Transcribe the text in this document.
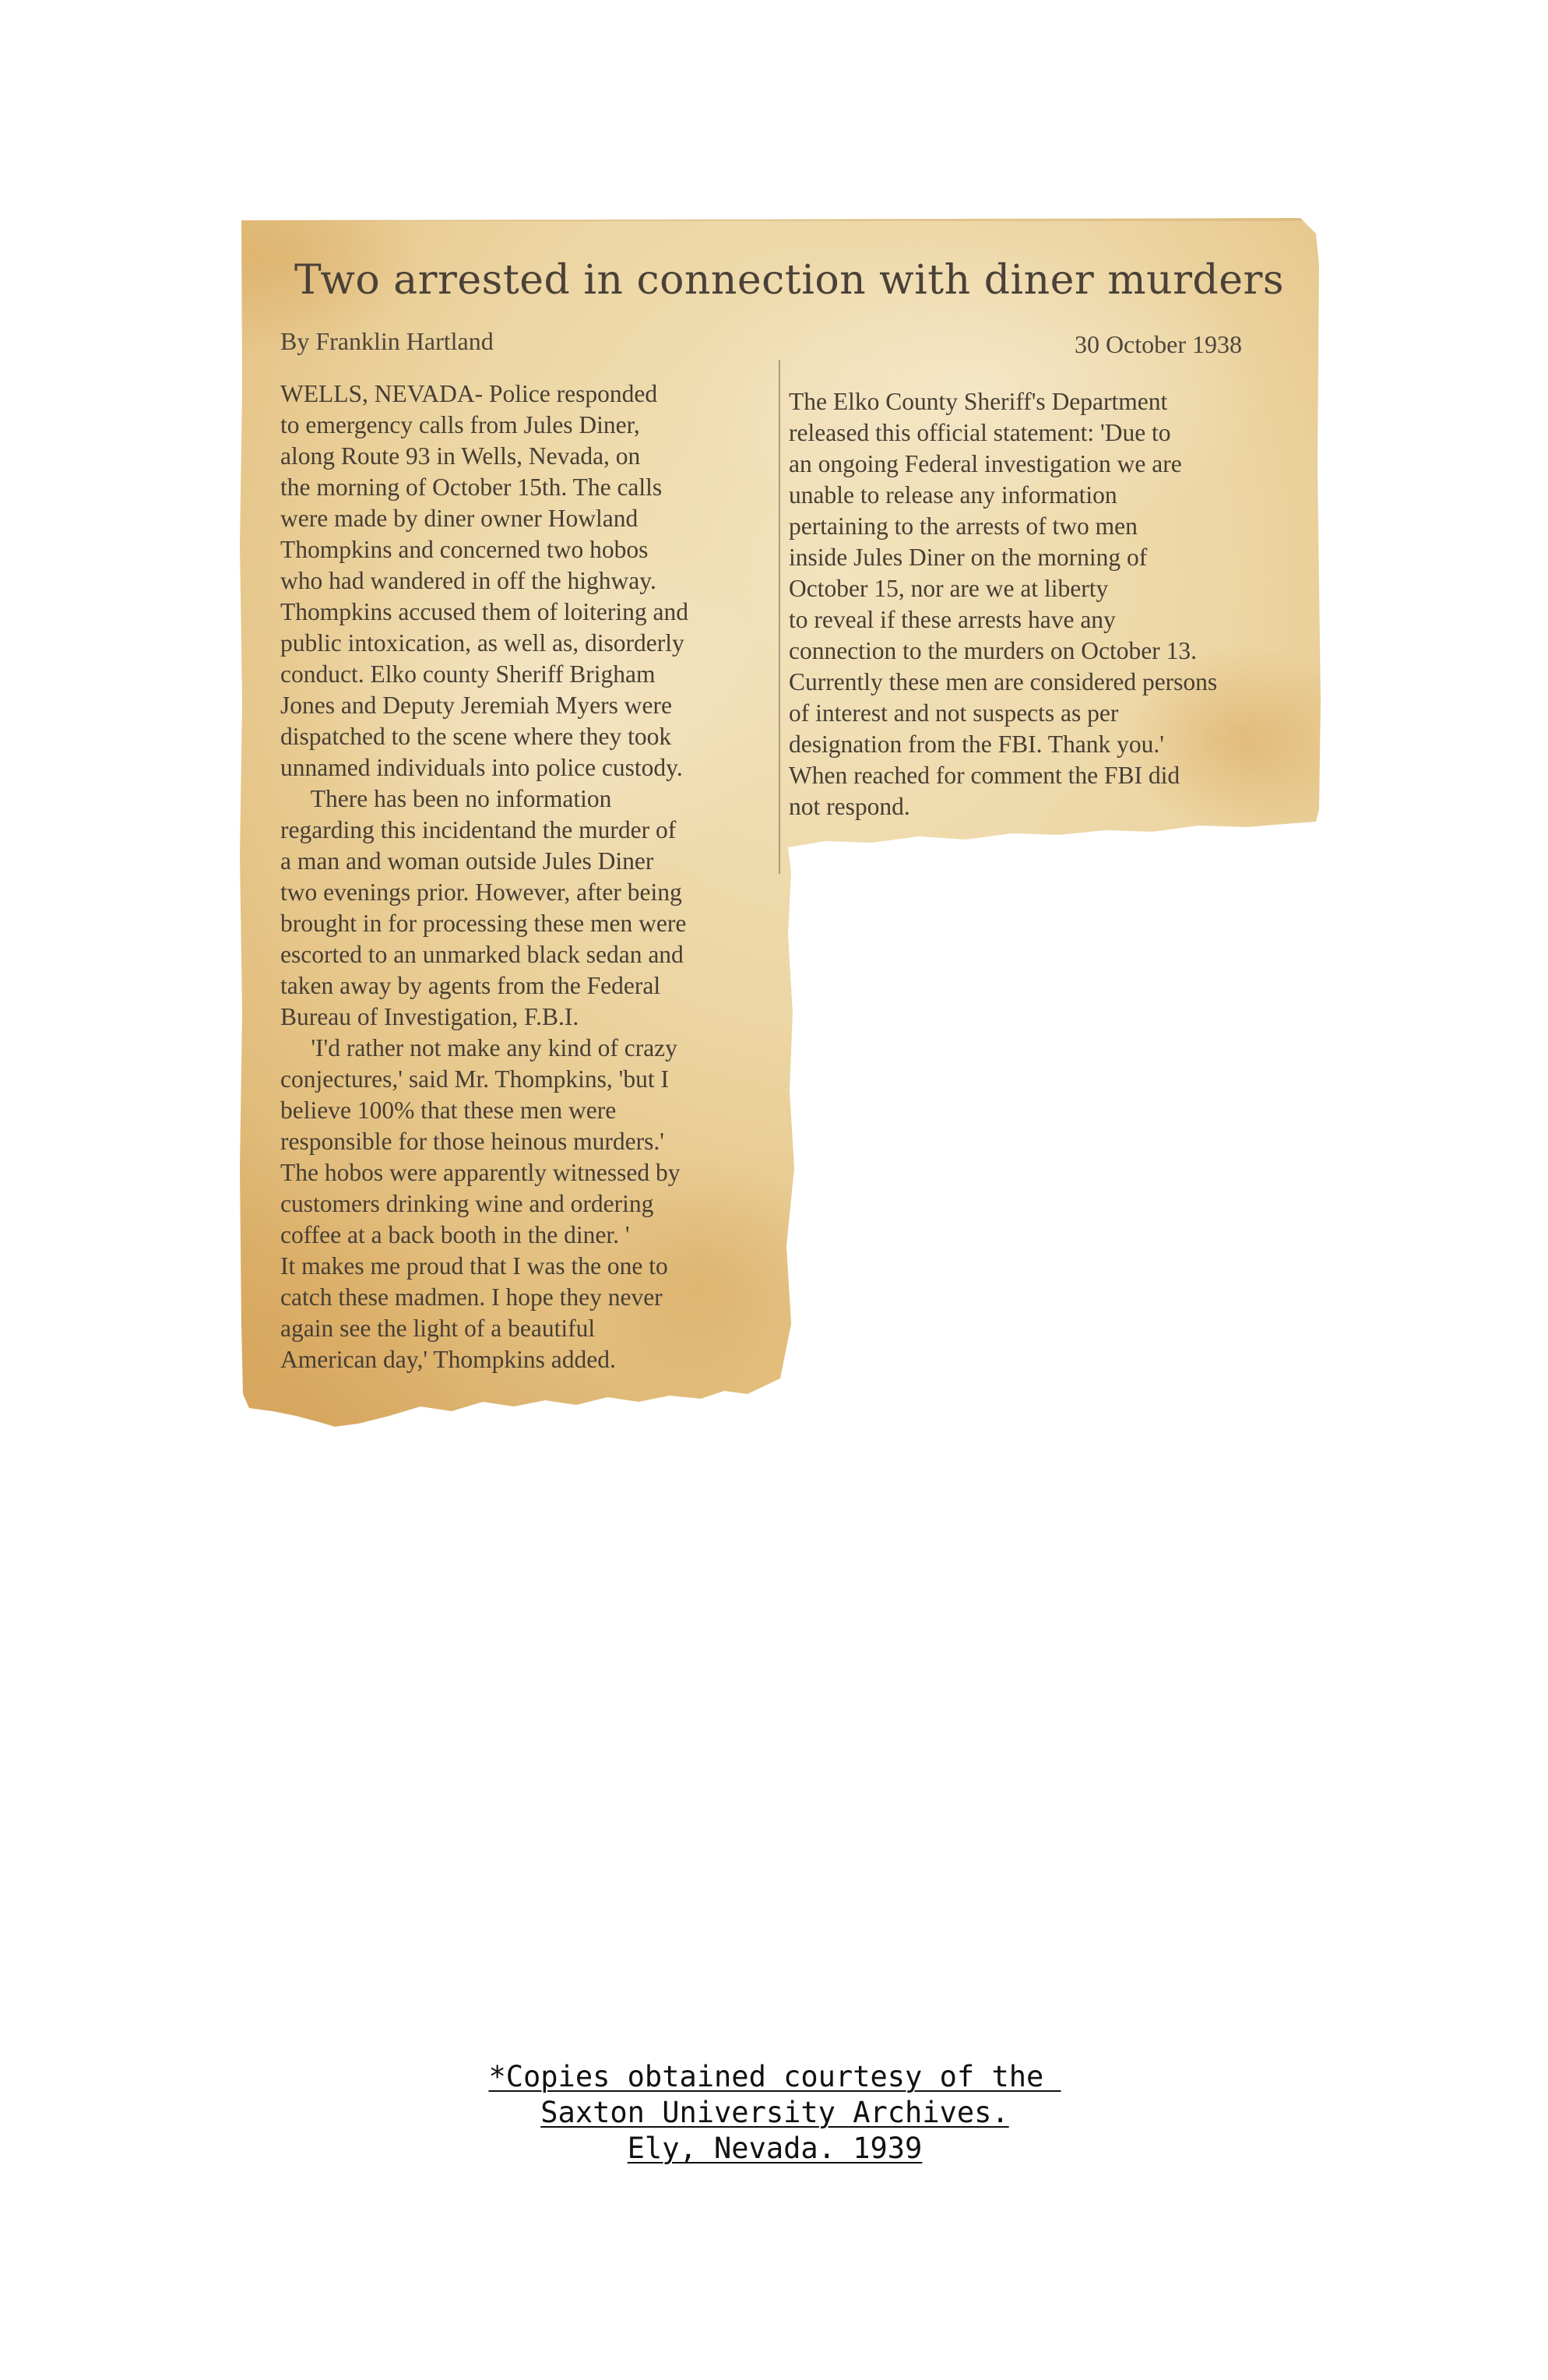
Two arrested in connection with diner murders
By Franklin Hartland	30 October 1938

WELLS, NEVADA- Police responded

to emergency calls from Jules Diner,

along Route 93 in Wells, Nevada, on

the morning of October 15th. The calls

were made by diner owner Howland

Thompkins and concerned two hobos

who had wandered in off the highway.

Thompkins accused them of loitering and

public intoxication, as well as, disorderly

conduct. Elko county Sheriff Brigham

Jones and Deputy Jeremiah Myers were

dispatched to the scene where they took

unnamed individuals into police custody.

There has been no information

regarding this incidentand the murder of

a man and woman outside Jules Diner

two evenings prior. However, after being

brought in for processing these men were

escorted to an unmarked black sedan and

taken away by agents from the Federal

Bureau of Investigation, F.B.I.

'I'd rather not make any kind of crazy

conjectures,' said Mr. Thompkins, 'but I

believe 100% that these men were

responsible for those heinous murders.'

The hobos were apparently witnessed by

customers drinking wine and ordering

coffee at a back booth in the diner. '

It makes me proud that I was the one to

catch these madmen. I hope they never

again see the light of a beautiful

American day,' Thompkins added.

The Elko County Sheriff's Department

released this official statement: 'Due to

an ongoing Federal investigation we are

unable to release any information

pertaining to the arrests of two men

inside Jules Diner on the morning of

October 15, nor are we at liberty

to reveal if these arrests have any

connection to the murders on October 13.

Currently these men are considered persons

of interest and not suspects as per

designation from the FBI. Thank you.'

When reached for comment the FBI did

not respond.

*Copies obtained courtesy of the
Saxton University Archives.
Ely, Nevada. 1939
